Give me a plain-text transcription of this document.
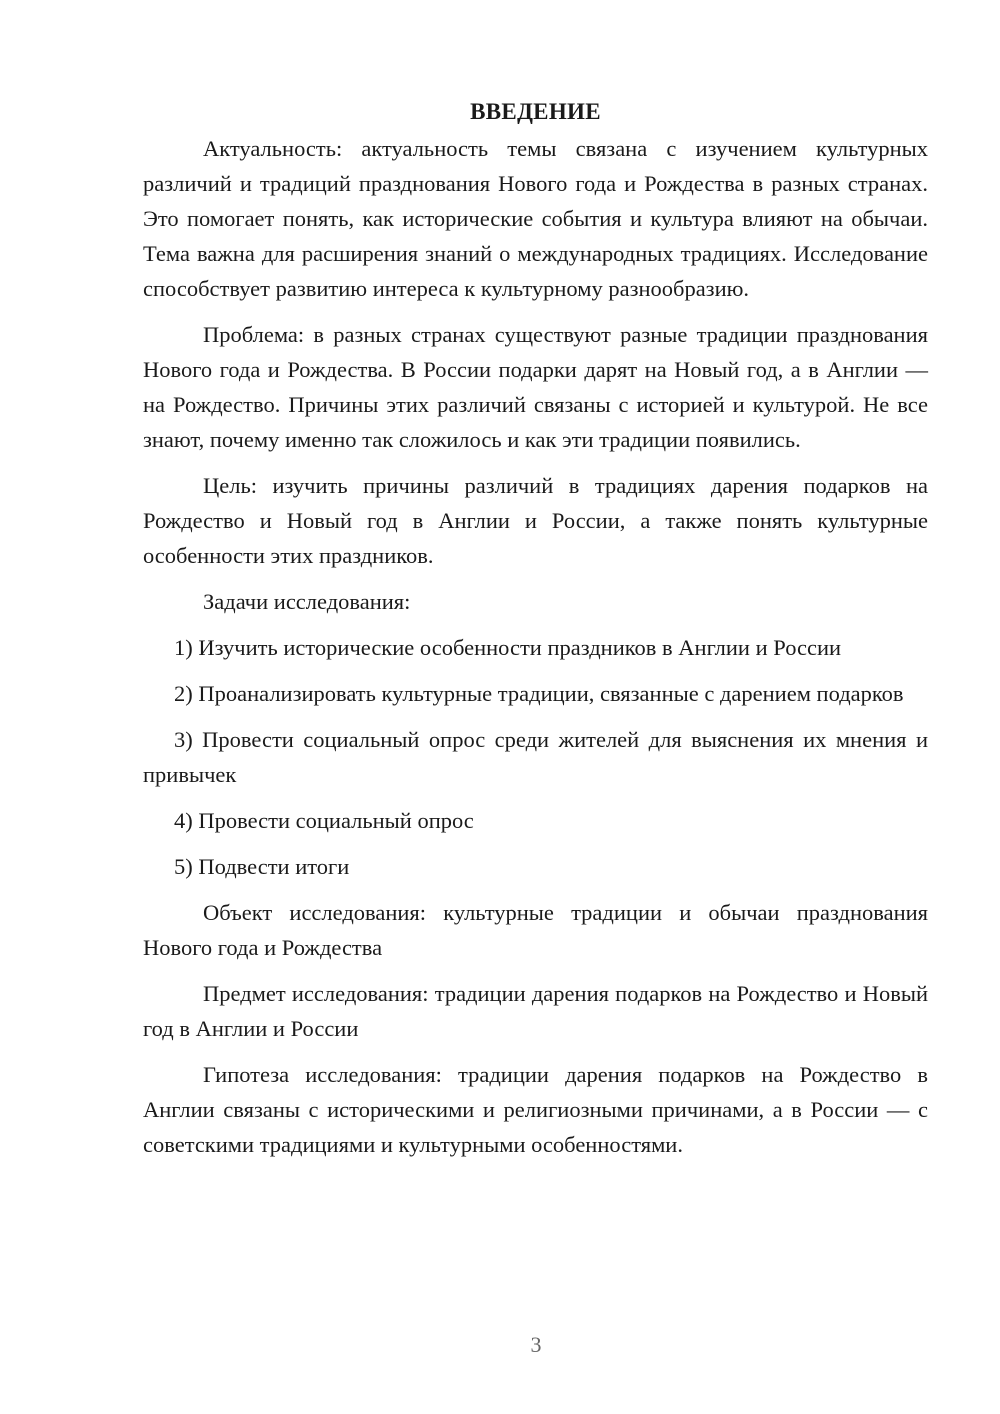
ВВЕДЕНИЕ

Актуальность: актуальность темы связана с изучением культурных различий и традиций празднования Нового года и Рождества в разных странах. Это помогает понять, как исторические события и культура влияют на обычаи. Тема важна для расширения знаний о международных традициях. Исследование способствует развитию интереса к культурному разнообразию.

Проблема: в разных странах существуют разные традиции празднования Нового года и Рождества. В России подарки дарят на Новый год, а в Англии — на Рождество. Причины этих различий связаны с историей и культурой. Не все знают, почему именно так сложилось и как эти традиции появились.

Цель: изучить причины различий в традициях дарения подарков на Рождество и Новый год в Англии и России, а также понять культурные особенности этих праздников.

Задачи исследования:

1) Изучить исторические особенности праздников в Англии и России

2) Проанализировать культурные традиции, связанные с дарением подарков

3) Провести социальный опрос среди жителей для выяснения их мнения и привычек

4) Провести социальный опрос

5) Подвести итоги

Объект исследования: культурные традиции и обычаи празднования Нового года и Рождества

Предмет исследования: традиции дарения подарков на Рождество и Новый год в Англии и России

Гипотеза исследования: традиции дарения подарков на Рождество в Англии связаны с историческими и религиозными причинами, а в России — с советскими традициями и культурными особенностями.

3
